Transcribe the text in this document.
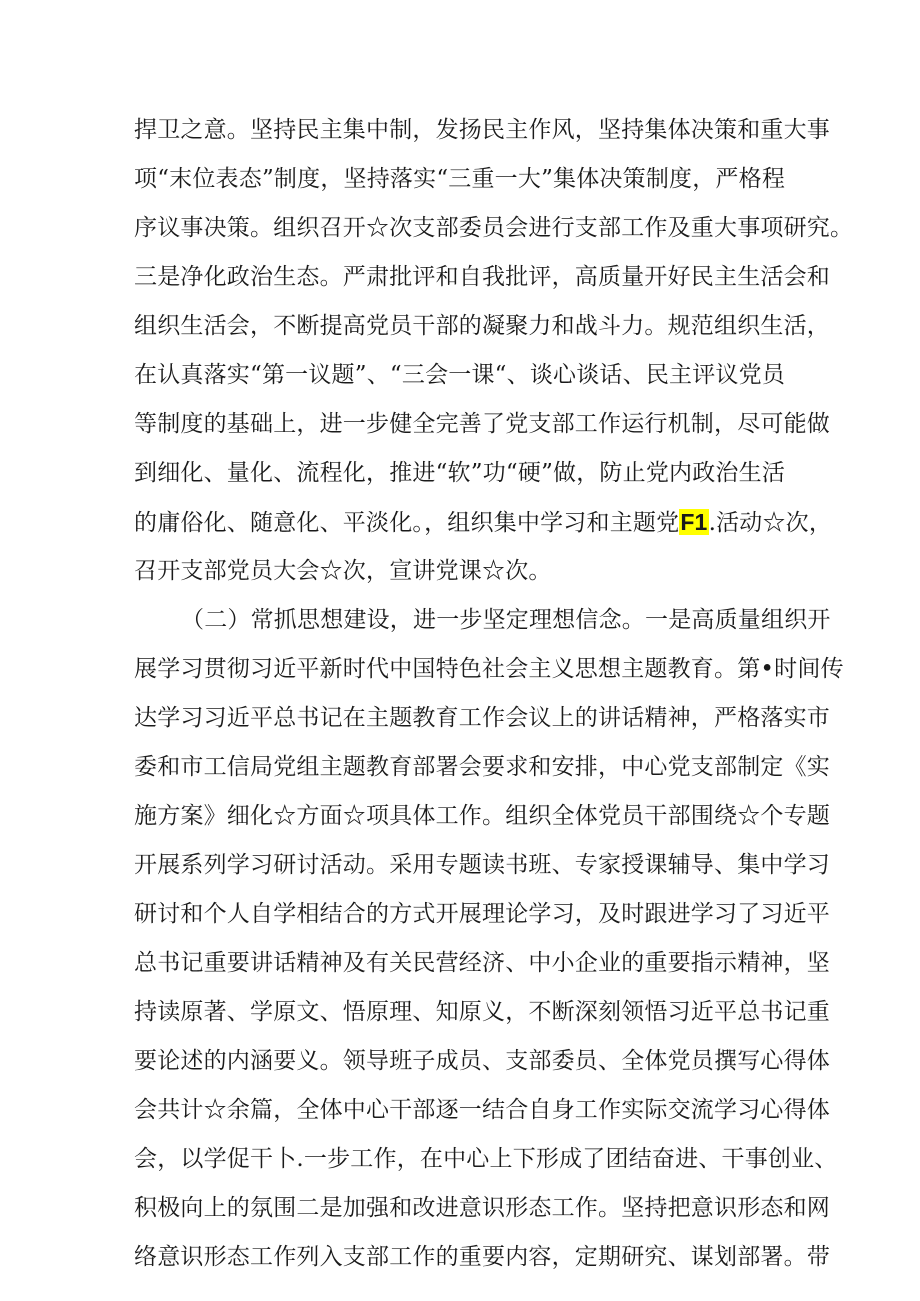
捍卫之意。坚持民主集中制，发扬民主作风，坚持集体决策和重大事
项“末位表态”制度，坚持落实“三重一大”集体决策制度，严格程
序议事决策。组织召开☆次支部委员会进行支部工作及重大事项研究。
三是净化政治生态。严肃批评和自我批评，高质量开好民主生活会和
组织生活会，不断提高党员干部的凝聚力和战斗力。规范组织生活，
在认真落实“第一议题”、“三会一课“、谈心谈话、民主评议党员
等制度的基础上，进一步健全完善了党支部工作运行机制，尽可能做
到细化、量化、流程化，推进“软”功“硬”做，防止党内政治生活
的庸俗化、随意化、平淡化。，组织集中学习和主题党F1.活动☆次，
召开支部党员大会☆次，宣讲党课☆次。
（二）常抓思想建设，进一步坚定理想信念。一是高质量组织开
展学习贯彻习近平新时代中国特色社会主义思想主题教育。第•时间传
达学习习近平总书记在主题教育工作会议上的讲话精神，严格落实市
委和市工信局党组主题教育部署会要求和安排，中心党支部制定《实
施方案》细化☆方面☆项具体工作。组织全体党员干部围绕☆个专题
开展系列学习研讨活动。采用专题读书班、专家授课辅导、集中学习
研讨和个人自学相结合的方式开展理论学习，及时跟进学习了习近平
总书记重要讲话精神及有关民营经济、中小企业的重要指示精神，坚
持读原著、学原文、悟原理、知原义，不断深刻领悟习近平总书记重
要论述的内涵要义。领导班子成员、支部委员、全体党员撰写心得体
会共计☆余篇，全体中心干部逐一结合自身工作实际交流学习心得体
会，以学促干卜.一步工作，在中心上下形成了团结奋进、干事创业、
积极向上的氛围二是加强和改进意识形态工作。坚持把意识形态和网
络意识形态工作列入支部工作的重要内容，定期研究、谋划部署。带
